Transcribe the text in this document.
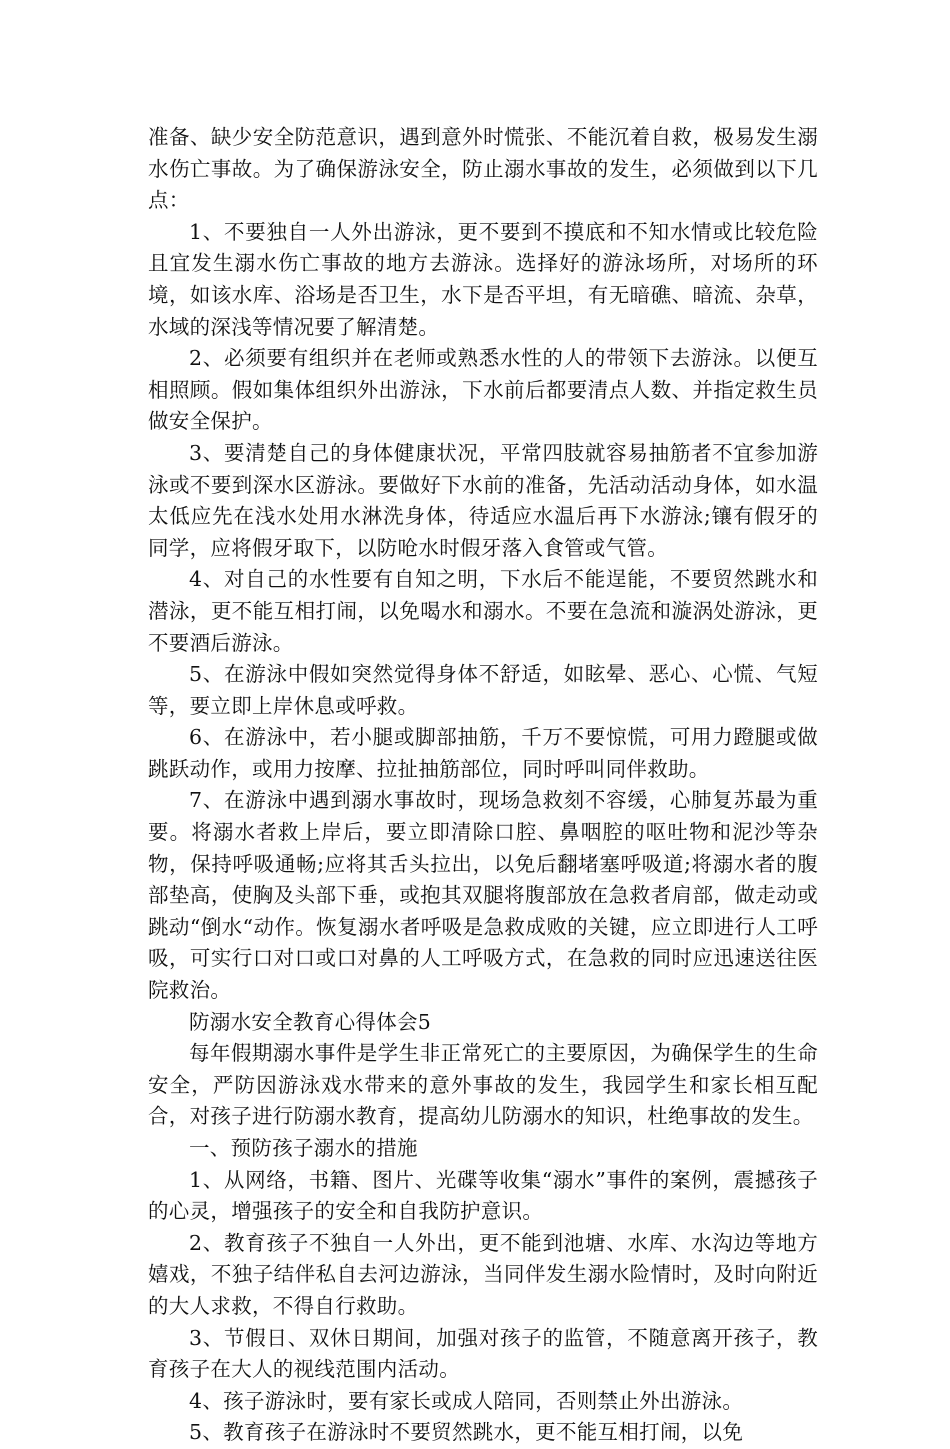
准备、缺少安全防范意识，遇到意外时慌张、不能沉着自救，极易发生溺水伤亡事故。为了确保游泳安全，防止溺水事故的发生，必须做到以下几点：

1、不要独自一人外出游泳，更不要到不摸底和不知水情或比较危险且宜发生溺水伤亡事故的地方去游泳。选择好的游泳场所，对场所的环境，如该水库、浴场是否卫生，水下是否平坦，有无暗礁、暗流、杂草，水域的深浅等情况要了解清楚。

2、必须要有组织并在老师或熟悉水性的人的带领下去游泳。以便互相照顾。假如集体组织外出游泳，下水前后都要清点人数、并指定救生员做安全保护。

3、要清楚自己的身体健康状况，平常四肢就容易抽筋者不宜参加游泳或不要到深水区游泳。要做好下水前的准备，先活动活动身体，如水温太低应先在浅水处用水淋洗身体，待适应水温后再下水游泳;镶有假牙的同学，应将假牙取下，以防呛水时假牙落入食管或气管。

4、对自己的水性要有自知之明，下水后不能逞能，不要贸然跳水和潜泳，更不能互相打闹，以免喝水和溺水。不要在急流和漩涡处游泳，更不要酒后游泳。

5、在游泳中假如突然觉得身体不舒适，如眩晕、恶心、心慌、气短等，要立即上岸休息或呼救。

6、在游泳中，若小腿或脚部抽筋，千万不要惊慌，可用力蹬腿或做跳跃动作，或用力按摩、拉扯抽筋部位，同时呼叫同伴救助。

7、在游泳中遇到溺水事故时，现场急救刻不容缓，心肺复苏最为重要。将溺水者救上岸后，要立即清除口腔、鼻咽腔的呕吐物和泥沙等杂物，保持呼吸通畅;应将其舌头拉出，以免后翻堵塞呼吸道;将溺水者的腹部垫高，使胸及头部下垂，或抱其双腿将腹部放在急救者肩部，做走动或跳动“倒水“动作。恢复溺水者呼吸是急救成败的关键，应立即进行人工呼吸，可实行口对口或口对鼻的人工呼吸方式，在急救的同时应迅速送往医院救治。

防溺水安全教育心得体会5

每年假期溺水事件是学生非正常死亡的主要原因，为确保学生的生命安全，严防因游泳戏水带来的意外事故的发生，我园学生和家长相互配合，对孩子进行防溺水教育，提高幼儿防溺水的知识，杜绝事故的发生。

一、预防孩子溺水的措施

1、从网络，书籍、图片、光碟等收集“溺水”事件的案例，震撼孩子的心灵，增强孩子的安全和自我防护意识。

2、教育孩子不独自一人外出，更不能到池塘、水库、水沟边等地方嬉戏，不独子结伴私自去河边游泳，当同伴发生溺水险情时，及时向附近的大人求救，不得自行救助。

3、节假日、双休日期间，加强对孩子的监管，不随意离开孩子，教育孩子在大人的视线范围内活动。

4、孩子游泳时，要有家长或成人陪同，否则禁止外出游泳。

5、教育孩子在游泳时不要贸然跳水，更不能互相打闹，以免
